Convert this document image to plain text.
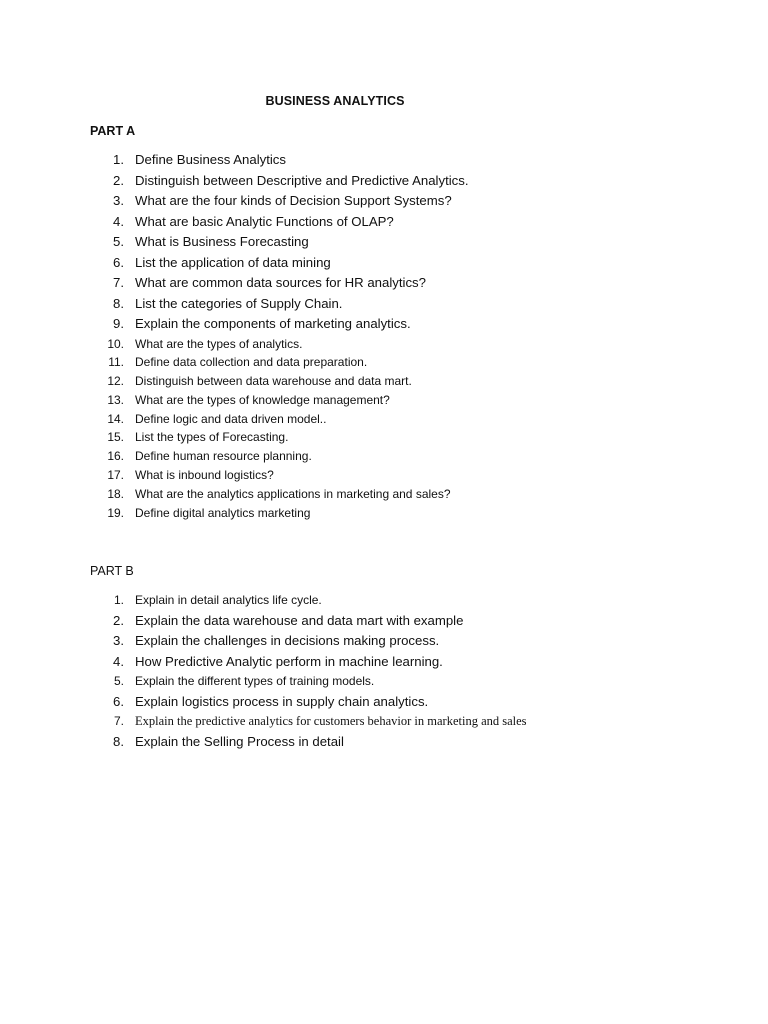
BUSINESS ANALYTICS
PART A
1. Define Business Analytics
2. Distinguish between Descriptive and Predictive Analytics.
3. What are the four kinds of Decision Support Systems?
4. What are basic Analytic Functions of OLAP?
5. What is Business Forecasting
6. List the application of data mining
7. What are common data sources for HR analytics?
8. List the categories of Supply Chain.
9. Explain the components of marketing analytics.
10. What are the types of analytics.
11. Define data collection and data preparation.
12. Distinguish between data warehouse and data mart.
13. What are the types of knowledge management?
14. Define logic and data driven model..
15. List the types of Forecasting.
16. Define human resource planning.
17. What is inbound logistics?
18. What are the analytics applications in marketing and sales?
19. Define digital analytics marketing
PART B
1. Explain in detail analytics life cycle.
2. Explain the data warehouse and data mart with example
3. Explain the challenges in decisions making process.
4. How Predictive Analytic perform in machine learning.
5. Explain the different types of training models.
6. Explain logistics process in supply chain analytics.
7. Explain the predictive analytics for customers behavior in marketing and sales
8. Explain the Selling Process in detail
